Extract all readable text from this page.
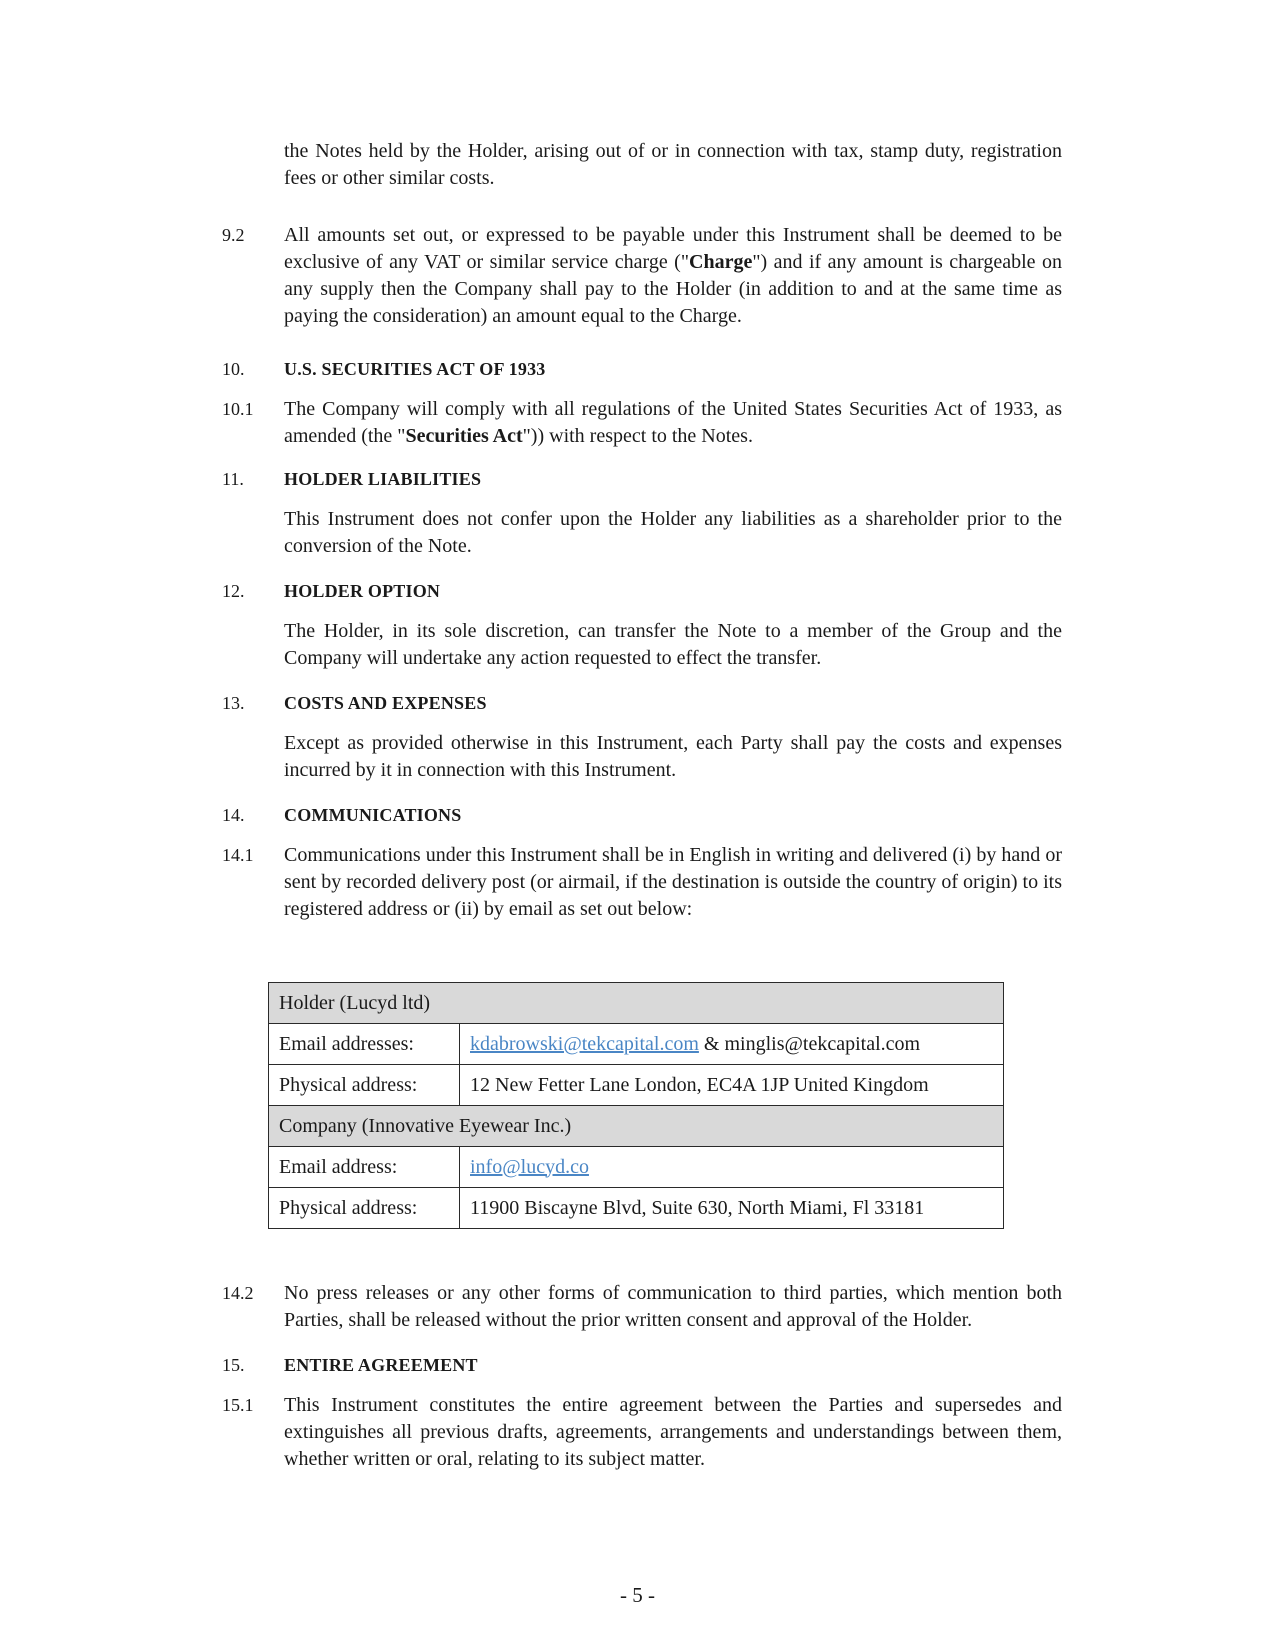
the Notes held by the Holder, arising out of or in connection with tax, stamp duty, registration fees or other similar costs.
9.2	All amounts set out, or expressed to be payable under this Instrument shall be deemed to be exclusive of any VAT or similar service charge ("Charge") and if any amount is chargeable on any supply then the Company shall pay to the Holder (in addition to and at the same time as paying the consideration) an amount equal to the Charge.
10.	U.S. SECURITIES ACT OF 1933
10.1	The Company will comply with all regulations of the United States Securities Act of 1933, as amended (the "Securities Act")) with respect to the Notes.
11.	HOLDER LIABILITIES
This Instrument does not confer upon the Holder any liabilities as a shareholder prior to the conversion of the Note.
12.	HOLDER OPTION
The Holder, in its sole discretion, can transfer the Note to a member of the Group and the Company will undertake any action requested to effect the transfer.
13.	COSTS AND EXPENSES
Except as provided otherwise in this Instrument, each Party shall pay the costs and expenses incurred by it in connection with this Instrument.
14.	COMMUNICATIONS
14.1	Communications under this Instrument shall be in English in writing and delivered (i) by hand or sent by recorded delivery post (or airmail, if the destination is outside the country of origin) to its registered address or (ii) by email as set out below:
Holder (Lucyd ltd)	
Email addresses:	kdabrowski@tekcapital.com & minglis@tekcapital.com
Physical address:	12 New Fetter Lane London, EC4A 1JP United Kingdom
Company (Innovative Eyewear Inc.)	
Email address:	info@lucyd.co
Physical address:	11900 Biscayne Blvd, Suite 630, North Miami, Fl 33181
14.2	No press releases or any other forms of communication to third parties, which mention both Parties, shall be released without the prior written consent and approval of the Holder.
15.	ENTIRE AGREEMENT
15.1	This Instrument constitutes the entire agreement between the Parties and supersedes and extinguishes all previous drafts, agreements, arrangements and understandings between them, whether written or oral, relating to its subject matter.
- 5 -
